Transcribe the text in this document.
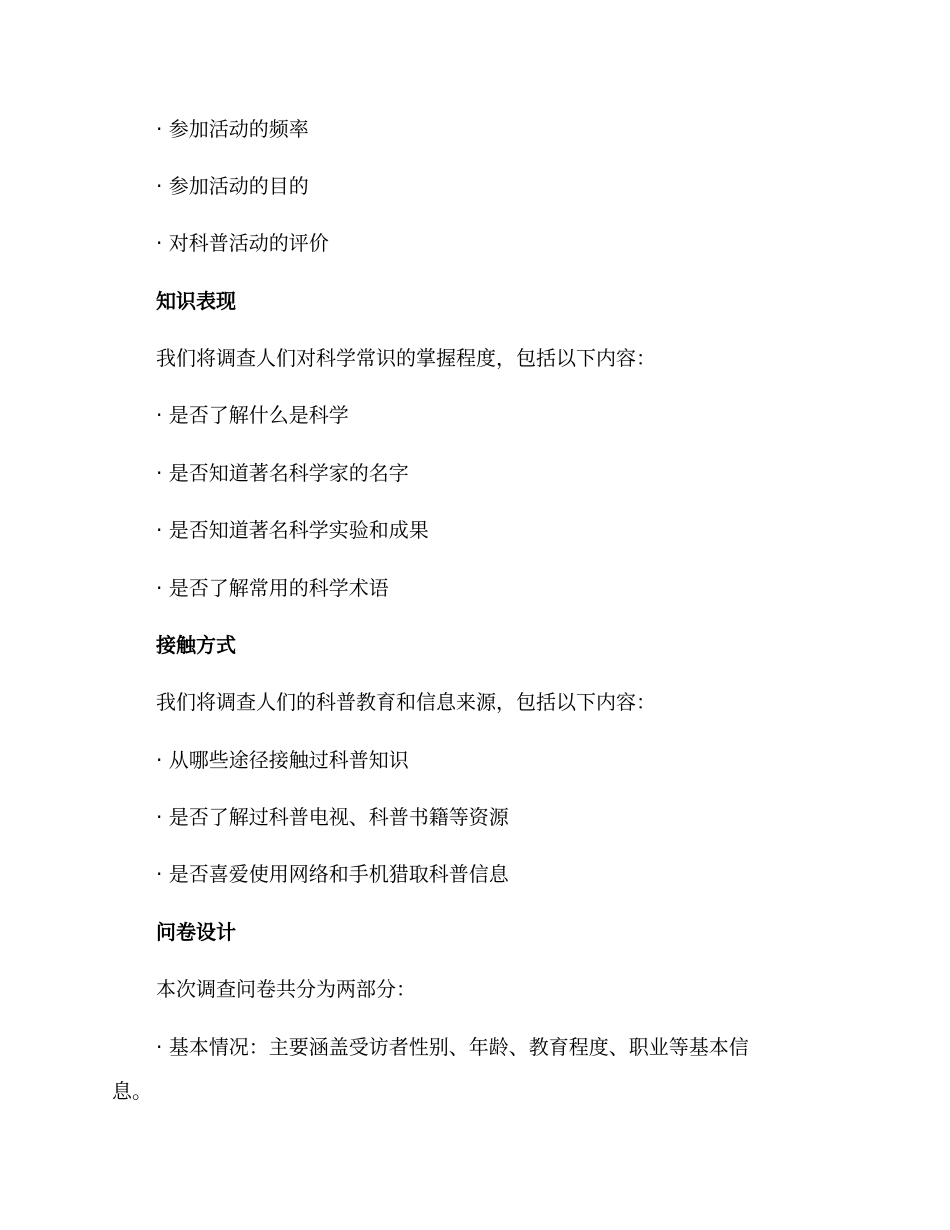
· 参加活动的频率
· 参加活动的目的
· 对科普活动的评价
知识表现
我们将调查人们对科学常识的掌握程度，包括以下内容：
· 是否了解什么是科学
· 是否知道著名科学家的名字
· 是否知道著名科学实验和成果
· 是否了解常用的科学术语
接触方式
我们将调查人们的科普教育和信息来源，包括以下内容：
· 从哪些途径接触过科普知识
· 是否了解过科普电视、科普书籍等资源
· 是否喜爱使用网络和手机猎取科普信息
问卷设计
本次调查问卷共分为两部分：
· 基本情况：主要涵盖受访者性别、年龄、教育程度、职业等基本信
息。
